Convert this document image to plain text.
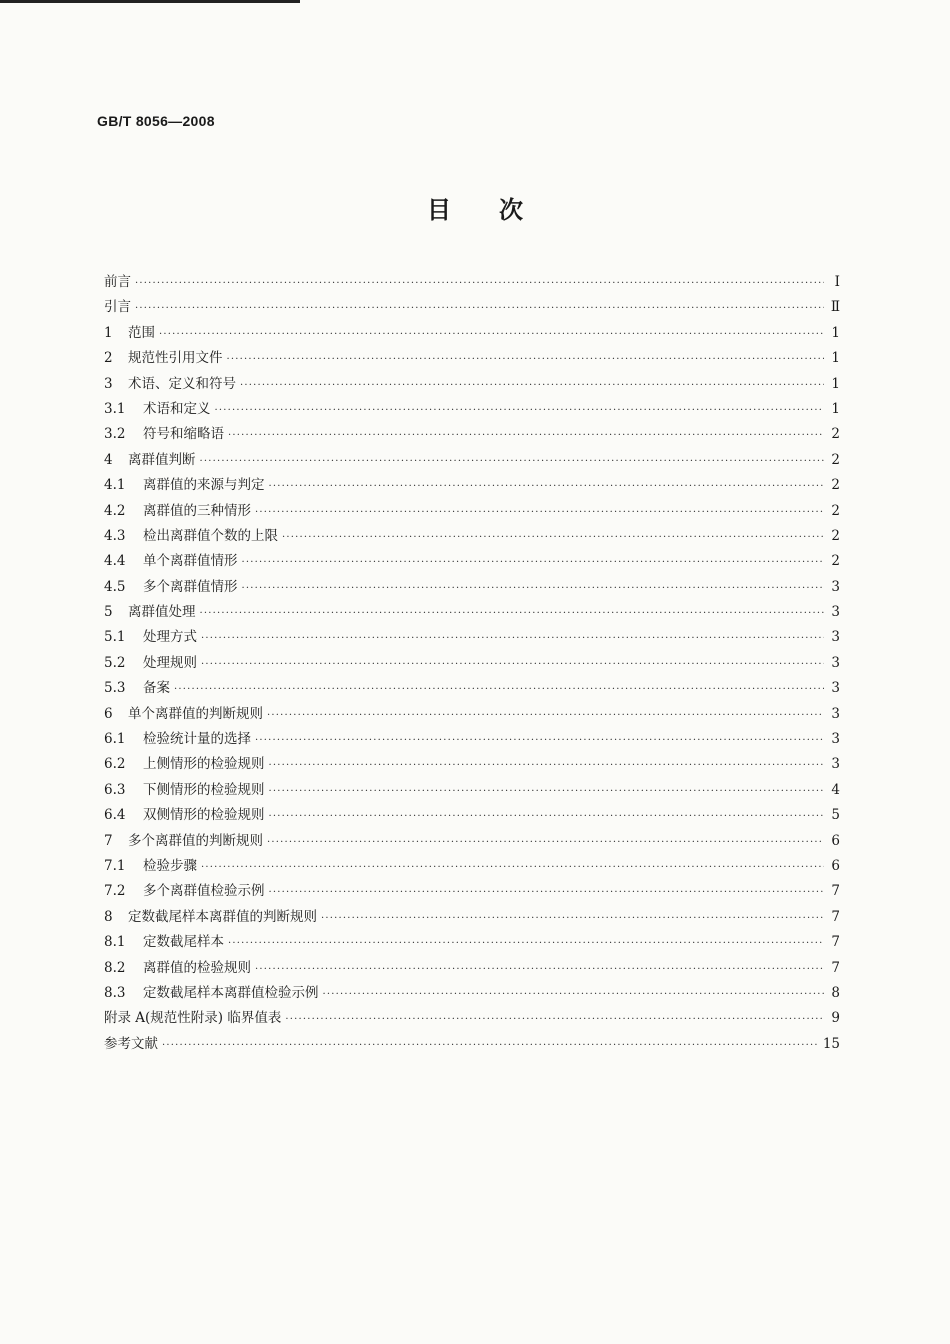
GB/T 8056—2008
目次
前言 ·····	Ⅰ
引言 ·····	Ⅱ
1	范围 ·····	1
2	规范性引用文件 ·····	1
3	术语、定义和符号 ·····	1
3.1	术语和定义 ·····	1
3.2	符号和缩略语 ·····	2
4	离群值判断 ·····	2
4.1	离群值的来源与判定 ·····	2
4.2	离群值的三种情形 ·····	2
4.3	检出离群值个数的上限 ·····	2
4.4	单个离群值情形 ·····	2
4.5	多个离群值情形 ·····	3
5	离群值处理 ·····	3
5.1	处理方式 ·····	3
5.2	处理规则 ·····	3
5.3	备案 ·····	3
6	单个离群值的判断规则 ·····	3
6.1	检验统计量的选择 ·····	3
6.2	上侧情形的检验规则 ·····	3
6.3	下侧情形的检验规则 ·····	4
6.4	双侧情形的检验规则 ·····	5
7	多个离群值的判断规则 ·····	6
7.1	检验步骤 ·····	6
7.2	多个离群值检验示例 ·····	7
8	定数截尾样本离群值的判断规则 ·····	7
8.1	定数截尾样本 ·····	7
8.2	离群值的检验规则 ·····	7
8.3	定数截尾样本离群值检验示例 ·····	8
附录 A(规范性附录) 临界值表 ·····	9
参考文献 ·····	15
